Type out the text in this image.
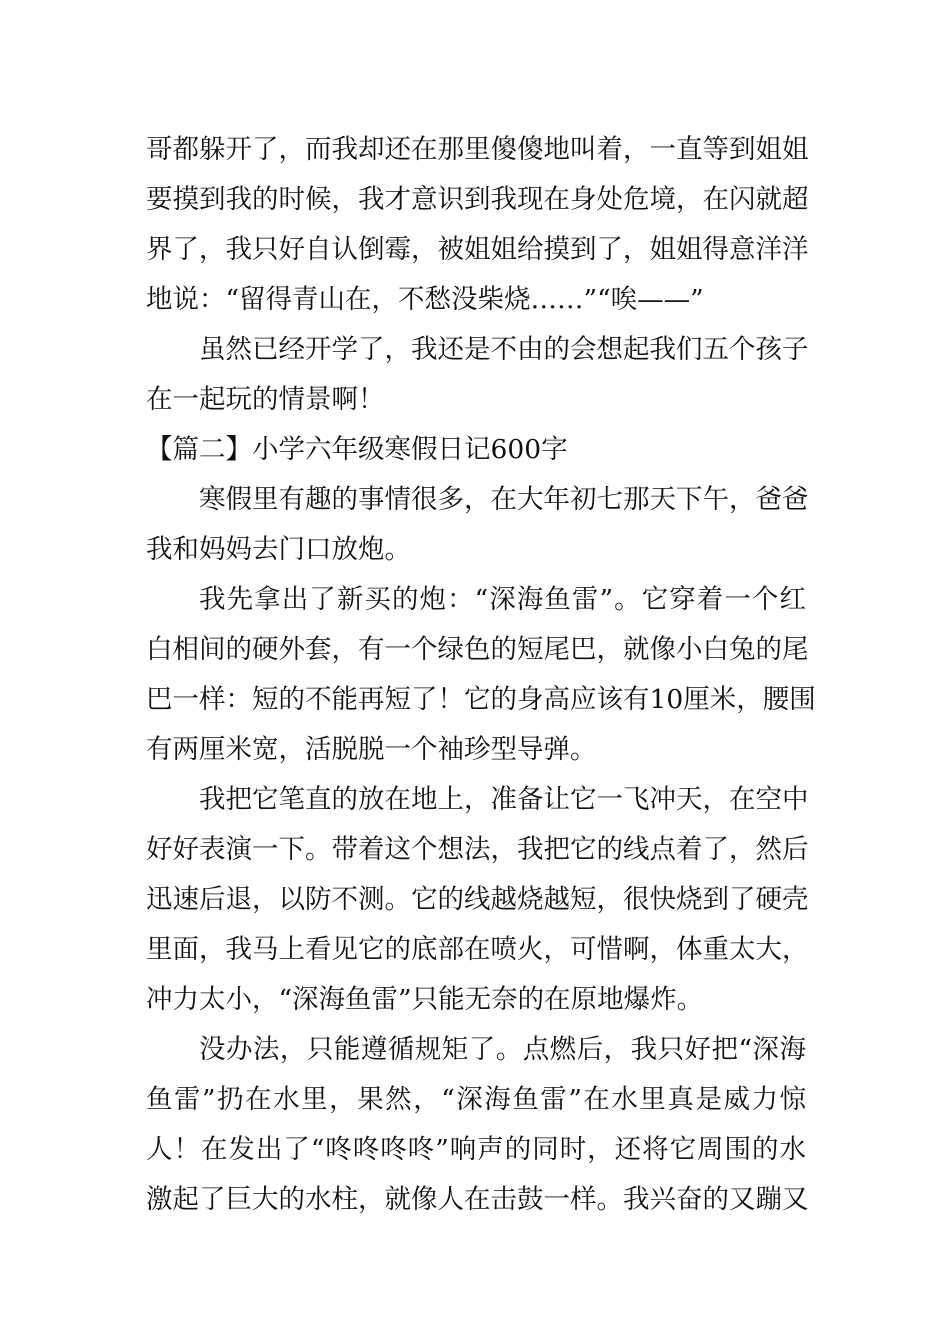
哥都躲开了，而我却还在那里傻傻地叫着，一直等到姐姐
要摸到我的时候，我才意识到我现在身处危境，在闪就超
界了，我只好自认倒霉，被姐姐给摸到了，姐姐得意洋洋
地说：“留得青山在，不愁没柴烧……”“唉——”
虽然已经开学了，我还是不由的会想起我们五个孩子
在一起玩的情景啊！
【篇二】小学六年级寒假日记600字
寒假里有趣的事情很多，在大年初七那天下午，爸爸
我和妈妈去门口放炮。
我先拿出了新买的炮：“深海鱼雷”。它穿着一个红
白相间的硬外套，有一个绿色的短尾巴，就像小白兔的尾
巴一样：短的不能再短了！它的身高应该有10厘米，腰围
有两厘米宽，活脱脱一个袖珍型导弹。
我把它笔直的放在地上，准备让它一飞冲天，在空中
好好表演一下。带着这个想法，我把它的线点着了，然后
迅速后退，以防不测。它的线越烧越短，很快烧到了硬壳
里面，我马上看见它的底部在喷火，可惜啊，体重太大，
冲力太小，“深海鱼雷”只能无奈的在原地爆炸。
没办法，只能遵循规矩了。点燃后，我只好把“深海
鱼雷”扔在水里，果然，“深海鱼雷”在水里真是威力惊
人！在发出了“咚咚咚咚”响声的同时，还将它周围的水
激起了巨大的水柱，就像人在击鼓一样。我兴奋的又蹦又
